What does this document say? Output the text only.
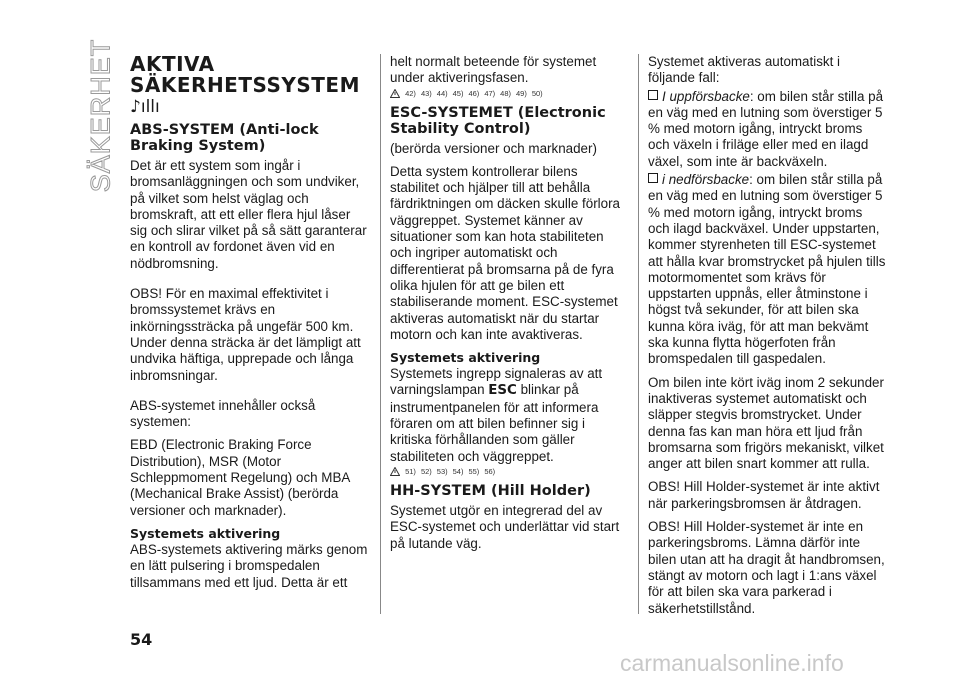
SÄKERHET AKTIVA SÄKERHETSSYSTEM
♪ıllı
ABS-SYSTEM (Anti-lock Braking System)

Det är ett system som ingår i bromsanläggningen och som undviker, på vilket som helst väglag och bromskraft, att ett eller flera hjul låser sig och slirar vilket på så sätt garanterar en kontroll av fordonet även vid en nödbromsning.

OBS! För en maximal effektivitet i bromssystemet krävs en inkörningssträcka på ungefär 500 km. Under denna sträcka är det lämpligt att undvika häftiga, upprepade och långa inbromsningar.

ABS-systemet innehåller också systemen:

EBD (Electronic Braking Force Distribution), MSR (Motor Schleppmoment Regelung) och MBA (Mechanical Brake Assist) (berörda versioner och marknader).

Systemets aktivering

ABS-systemets aktivering märks genom en lätt pulsering i bromspedalen tillsammans med ett ljud. Detta är ett

helt normalt beteende för systemet under aktiveringsfasen.

42) 43) 44) 45) 46) 47) 48) 49) 50)
ESC-SYSTEMET (Electronic Stability Control)

(berörda versioner och marknader)

Detta system kontrollerar bilens stabilitet och hjälper till att behålla färdriktningen om däcken skulle förlora väggreppet. Systemet känner av situationer som kan hota stabiliteten och ingriper automatiskt och differentierat på bromsarna på de fyra olika hjulen för att ge bilen ett stabiliserande moment. ESC-systemet aktiveras automatiskt när du startar motorn och kan inte avaktiveras.

Systemets aktivering

Systemets ingrepp signaleras av att varningslampan ESC blinkar på instrumentpanelen för att informera föraren om att bilen befinner sig i kritiska förhållanden som gäller stabiliteten och väggreppet.

51) 52) 53) 54) 55) 56)
HH-SYSTEM (Hill Holder)

Systemet utgör en integrerad del av ESC-systemet och underlättar vid start på lutande väg.

Systemet aktiveras automatiskt i följande fall:

I uppförsbacke: om bilen står stilla på en väg med en lutning som överstiger 5 % med motorn igång, intryckt broms och växeln i friläge eller med en ilagd växel, som inte är backväxeln.

i nedförsbacke: om bilen står stilla på en väg med en lutning som överstiger 5 % med motorn igång, intryckt broms och ilagd backväxel. Under uppstarten, kommer styrenheten till ESC-systemet att hålla kvar bromstrycket på hjulen tills motormomentet som krävs för uppstarten uppnås, eller åtminstone i högst två sekunder, för att bilen ska kunna köra iväg, för att man bekvämt ska kunna flytta högerfoten från bromspedalen till gaspedalen.

Om bilen inte kört iväg inom 2 sekunder inaktiveras systemet automatiskt och släpper stegvis bromstrycket. Under denna fas kan man höra ett ljud från bromsarna som frigörs mekaniskt, vilket anger att bilen snart kommer att rulla.

OBS! Hill Holder-systemet är inte aktivt när parkeringsbromsen är åtdragen.

OBS! Hill Holder-systemet är inte en parkeringsbroms. Lämna därför inte bilen utan att ha dragit åt handbromsen, stängt av motorn och lagt i 1:ans växel för att bilen ska vara parkerad i säkerhetstillstånd.

54
carmanualsonline.info
